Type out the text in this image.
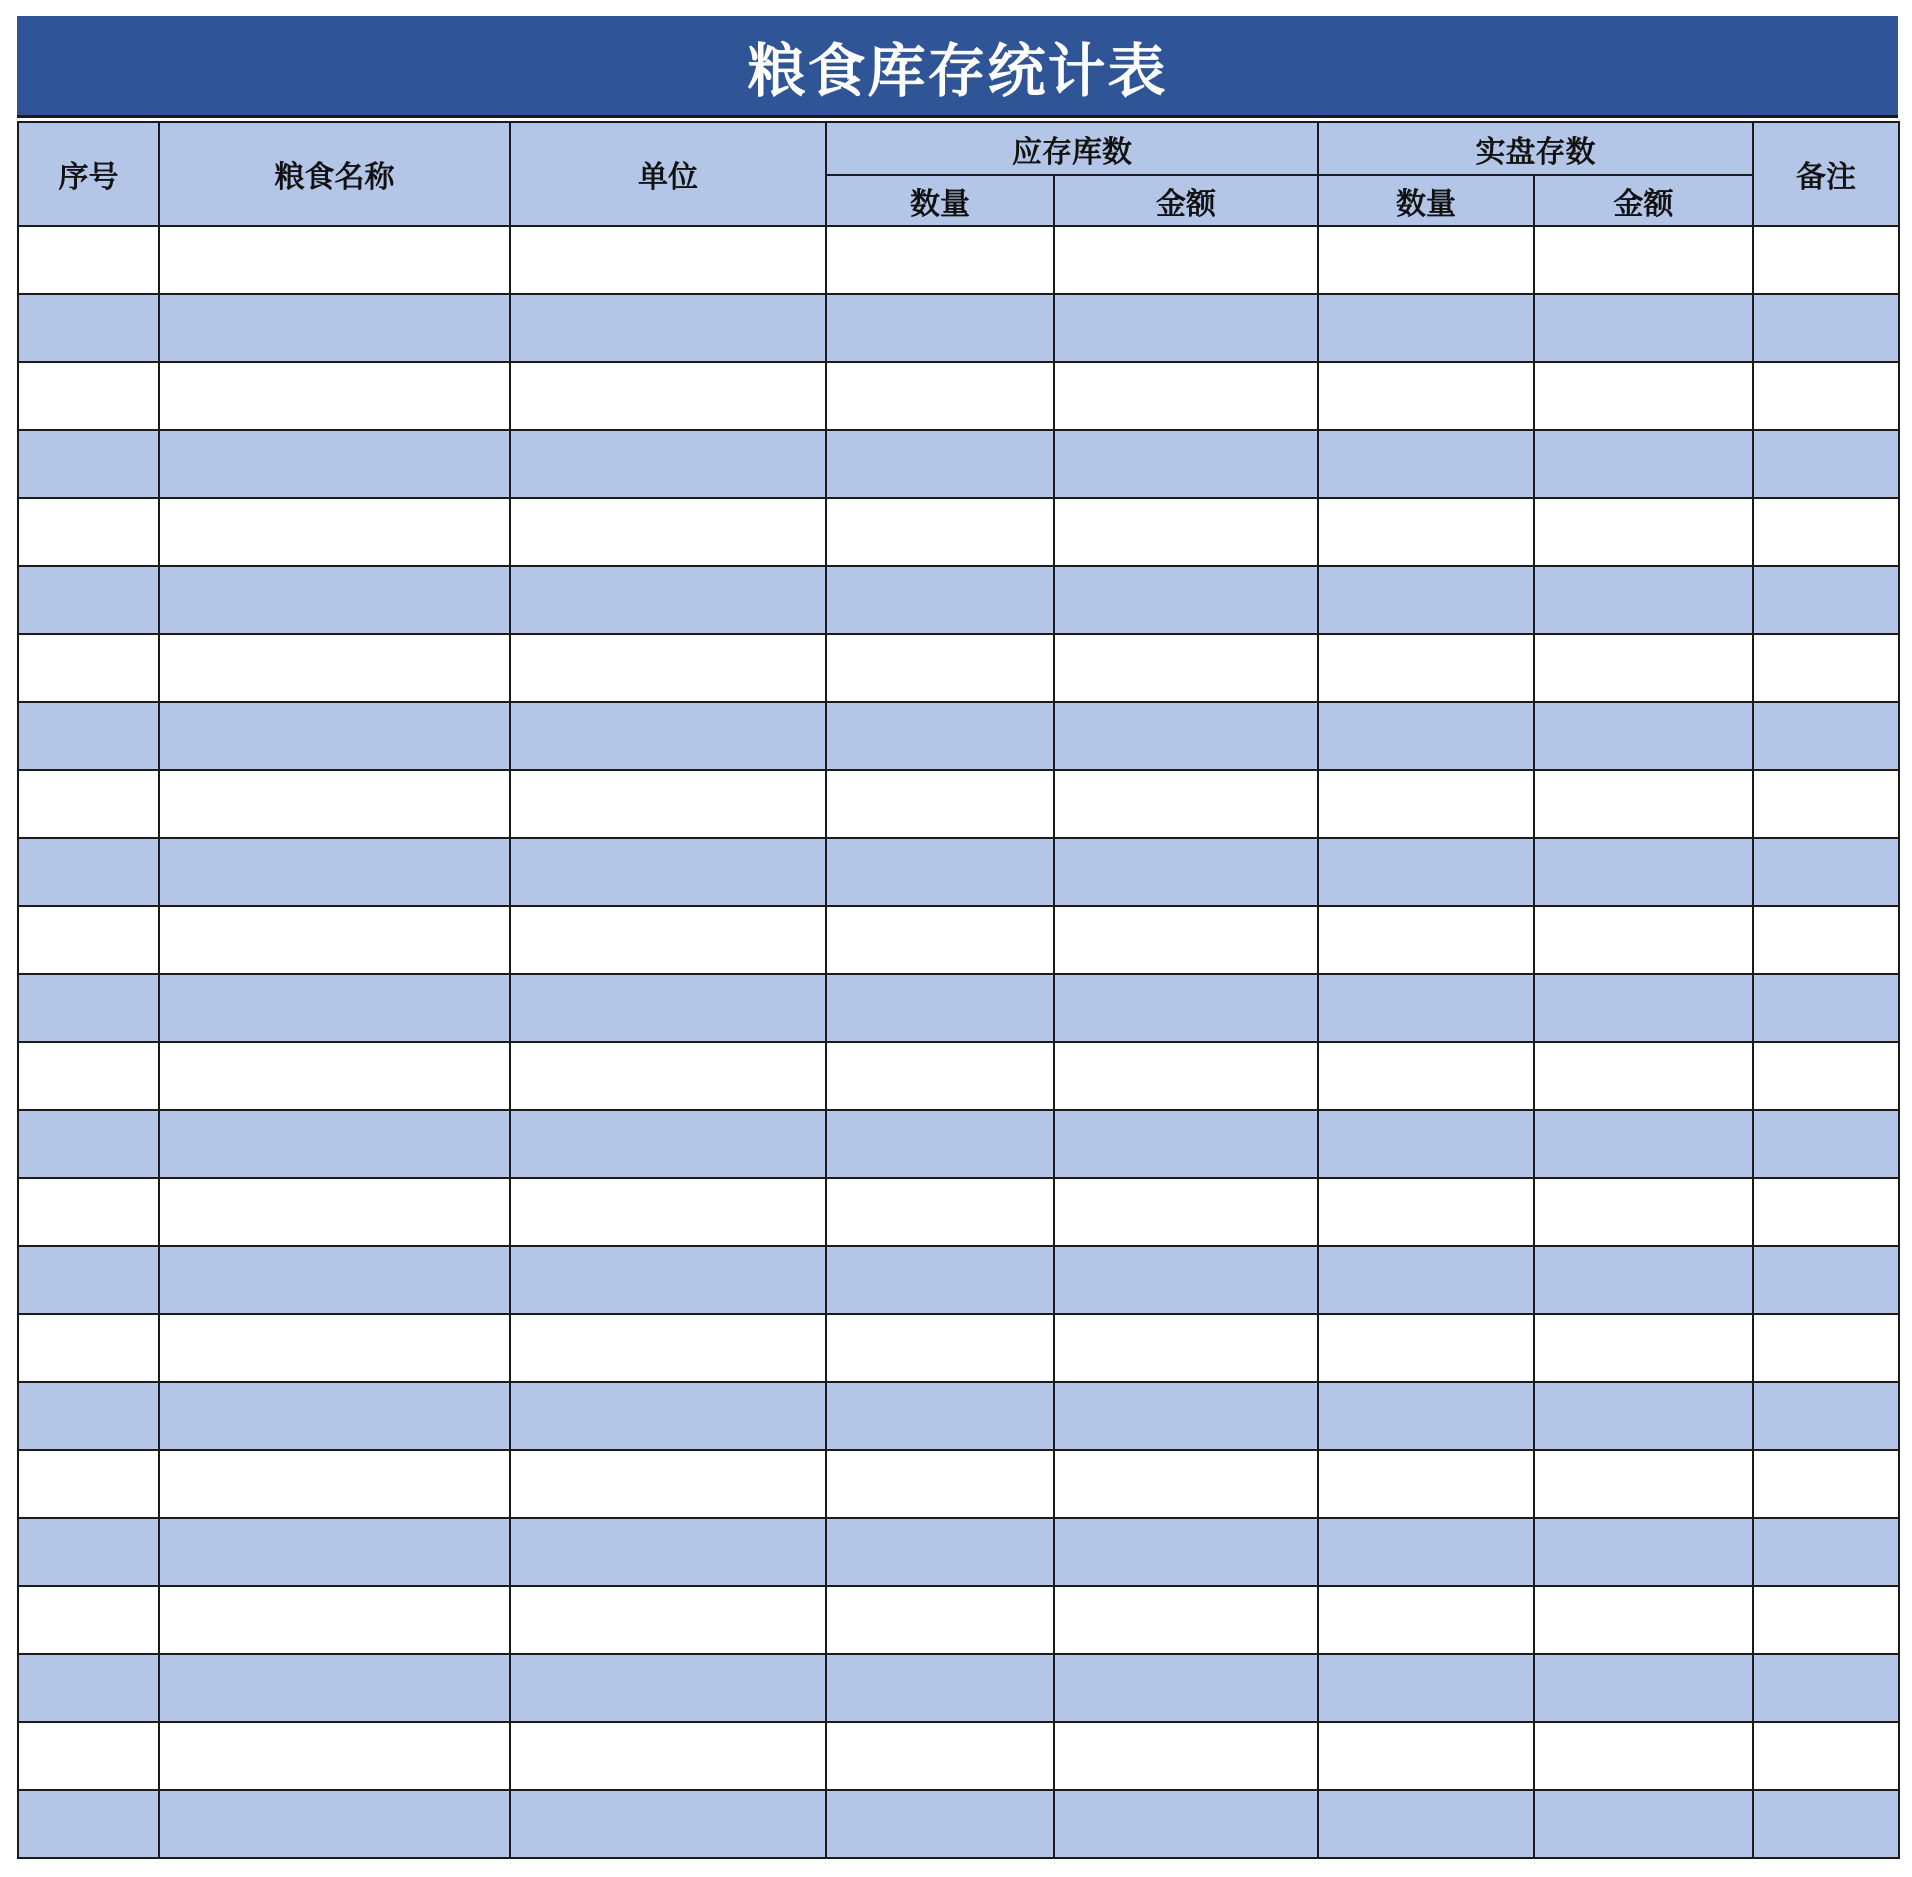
粮食库存统计表
序号	粮食名称	单位	应存库数		实盘存数		备注
			数量	金额	数量	金额	
